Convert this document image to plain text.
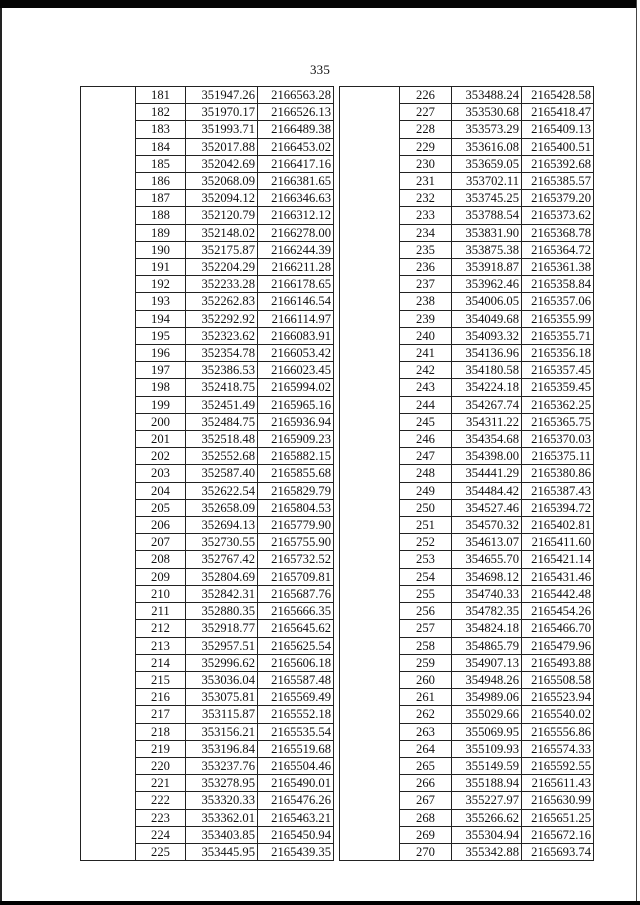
335
	181	351947.26	2166563.28
	182	351970.17	2166526.13
	183	351993.71	2166489.38
	184	352017.88	2166453.02
	185	352042.69	2166417.16
	186	352068.09	2166381.65
	187	352094.12	2166346.63
	188	352120.79	2166312.12
	189	352148.02	2166278.00
	190	352175.87	2166244.39
	191	352204.29	2166211.28
	192	352233.28	2166178.65
	193	352262.83	2166146.54
	194	352292.92	2166114.97
	195	352323.62	2166083.91
	196	352354.78	2166053.42
	197	352386.53	2166023.45
	198	352418.75	2165994.02
	199	352451.49	2165965.16
	200	352484.75	2165936.94
	201	352518.48	2165909.23
	202	352552.68	2165882.15
	203	352587.40	2165855.68
	204	352622.54	2165829.79
	205	352658.09	2165804.53
	206	352694.13	2165779.90
	207	352730.55	2165755.90
	208	352767.42	2165732.52
	209	352804.69	2165709.81
	210	352842.31	2165687.76
	211	352880.35	2165666.35
	212	352918.77	2165645.62
	213	352957.51	2165625.54
	214	352996.62	2165606.18
	215	353036.04	2165587.48
	216	353075.81	2165569.49
	217	353115.87	2165552.18
	218	353156.21	2165535.54
	219	353196.84	2165519.68
	220	353237.76	2165504.46
	221	353278.95	2165490.01
	222	353320.33	2165476.26
	223	353362.01	2165463.21
	224	353403.85	2165450.94
	225	353445.95	2165439.35
	226	353488.24	2165428.58
	227	353530.68	2165418.47
	228	353573.29	2165409.13
	229	353616.08	2165400.51
	230	353659.05	2165392.68
	231	353702.11	2165385.57
	232	353745.25	2165379.20
	233	353788.54	2165373.62
	234	353831.90	2165368.78
	235	353875.38	2165364.72
	236	353918.87	2165361.38
	237	353962.46	2165358.84
	238	354006.05	2165357.06
	239	354049.68	2165355.99
	240	354093.32	2165355.71
	241	354136.96	2165356.18
	242	354180.58	2165357.45
	243	354224.18	2165359.45
	244	354267.74	2165362.25
	245	354311.22	2165365.75
	246	354354.68	2165370.03
	247	354398.00	2165375.11
	248	354441.29	2165380.86
	249	354484.42	2165387.43
	250	354527.46	2165394.72
	251	354570.32	2165402.81
	252	354613.07	2165411.60
	253	354655.70	2165421.14
	254	354698.12	2165431.46
	255	354740.33	2165442.48
	256	354782.35	2165454.26
	257	354824.18	2165466.70
	258	354865.79	2165479.96
	259	354907.13	2165493.88
	260	354948.26	2165508.58
	261	354989.06	2165523.94
	262	355029.66	2165540.02
	263	355069.95	2165556.86
	264	355109.93	2165574.33
	265	355149.59	2165592.55
	266	355188.94	2165611.43
	267	355227.97	2165630.99
	268	355266.62	2165651.25
	269	355304.94	2165672.16
	270	355342.88	2165693.74
